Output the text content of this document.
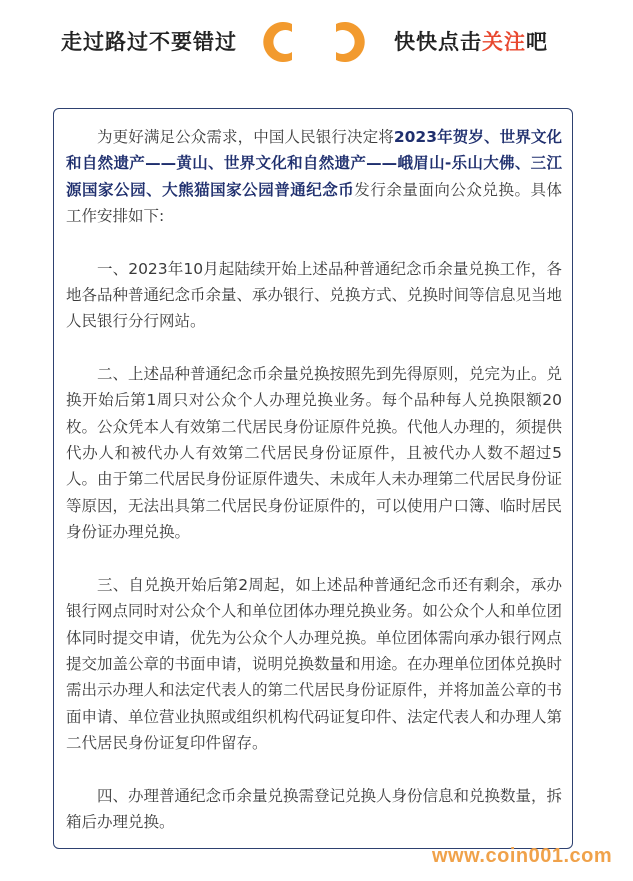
走过路过不要错过	快快点击关注吧

为更好满足公众需求，中国人民银行决定将2023年贺岁、世界文化和自然遗产——黄山、世界文化和自然遗产——峨眉山-乐山大佛、三江源国家公园、大熊猫国家公园普通纪念币发行余量面向公众兑换。具体工作安排如下:

一、2023年10月起陆续开始上述品种普通纪念币余量兑换工作，各地各品种普通纪念币余量、承办银行、兑换方式、兑换时间等信息见当地人民银行分行网站。

二、上述品种普通纪念币余量兑换按照先到先得原则，兑完为止。兑换开始后第1周只对公众个人办理兑换业务。每个品种每人兑换限额20枚。公众凭本人有效第二代居民身份证原件兑换。代他人办理的，须提供代办人和被代办人有效第二代居民身份证原件，且被代办人数不超过5人。由于第二代居民身份证原件遗失、未成年人未办理第二代居民身份证等原因，无法出具第二代居民身份证原件的，可以使用户口簿、临时居民身份证办理兑换。

三、自兑换开始后第2周起，如上述品种普通纪念币还有剩余，承办银行网点同时对公众个人和单位团体办理兑换业务。如公众个人和单位团体同时提交申请，优先为公众个人办理兑换。单位团体需向承办银行网点提交加盖公章的书面申请，说明兑换数量和用途。在办理单位团体兑换时需出示办理人和法定代表人的第二代居民身份证原件，并将加盖公章的书面申请、单位营业执照或组织机构代码证复印件、法定代表人和办理人第二代居民身份证复印件留存。

四、办理普通纪念币余量兑换需登记兑换人身份信息和兑换数量，拆箱后办理兑换。

www.coin001.com
